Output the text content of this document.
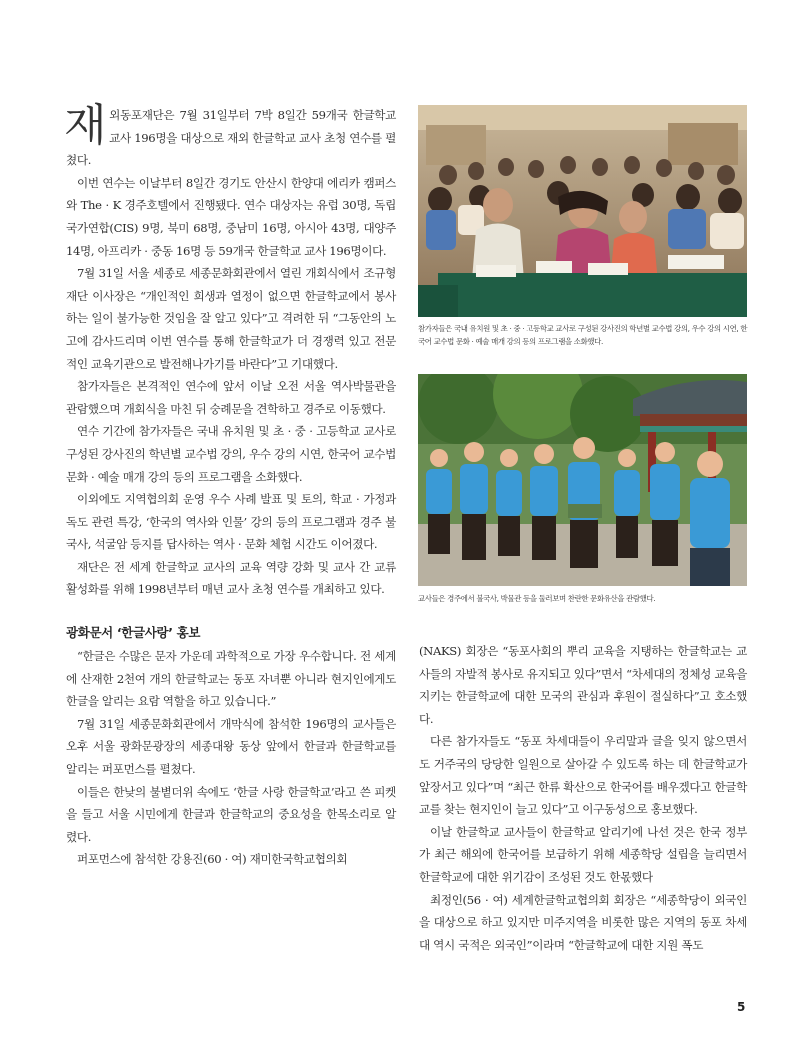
재외동포재단은 7월 31일부터 7박 8일간 59개국 한글학교 교사 196명을 대상으로 재외 한글학교 교사 초청 연수를 펼쳤다.

이번 연수는 이날부터 8일간 경기도 안산시 한양대 에리카 캠퍼스와 The · K 경주호텔에서 진행됐다. 연수 대상자는 유럽 30명, 독립국가연합(CIS) 9명, 북미 68명, 중남미 16명, 아시아 43명, 대양주 14명, 아프리카 · 중동 16명 등 59개국 한글학교 교사 196명이다.

7월 31일 서울 세종로 세종문화회관에서 열린 개회식에서 조규형 재단 이사장은 “개인적인 희생과 열정이 없으면 한글학교에서 봉사하는 일이 불가능한 것임을 잘 알고 있다”고 격려한 뒤 “그동안의 노고에 감사드리며 이번 연수를 통해 한글학교가 더 경쟁력 있고 전문적인 교육기관으로 발전해나가기를 바란다”고 기대했다.

참가자들은 본격적인 연수에 앞서 이날 오전 서울 역사박물관을 관람했으며 개회식을 마친 뒤 숭례문을 견학하고 경주로 이동했다.

연수 기간에 참가자들은 국내 유치원 및 초 · 중 · 고등학교 교사로 구성된 강사진의 학년별 교수법 강의, 우수 강의 시연, 한국어 교수법 문화 · 예술 매개 강의 등의 프로그램을 소화했다.

이외에도 지역협의회 운영 우수 사례 발표 및 토의, 학교 · 가정과 독도 관련 특강, ‘한국의 역사와 인물’ 강의 등의 프로그램과 경주 불국사, 석굴암 등지를 답사하는 역사 · 문화 체험 시간도 이어졌다.

재단은 전 세계 한글학교 교사의 교육 역량 강화 및 교사 간 교류 활성화를 위해 1998년부터 매년 교사 초청 연수를 개최하고 있다.

광화문서 ‘한글사랑’ 홍보

“한글은 수많은 문자 가운데 과학적으로 가장 우수합니다. 전 세계에 산재한 2천여 개의 한글학교는 동포 자녀뿐 아니라 현지인에게도 한글을 알리는 요람 역할을 하고 있습니다.”

7월 31일 세종문화회관에서 개막식에 참석한 196명의 교사들은 오후 서울 광화문광장의 세종대왕 동상 앞에서 한글과 한글학교를 알리는 퍼포먼스를 펼쳤다.

이들은 한낮의 불볕더위 속에도 ‘한글 사랑 한글학교’라고 쓴 피켓을 들고 서울 시민에게 한글과 한글학교의 중요성을 한목소리로 알렸다.

퍼포먼스에 참석한 강용진(60 · 여) 재미한국학교협의회

참가자들은 국내 유치원 및 초 · 중 · 고등학교 교사로 구성된 강사진의 학년별 교수법 강의, 우수 강의 시연, 한국어 교수법 문화 · 예술 매개 강의 등의 프로그램을 소화했다.
교사들은 경주에서 불국사, 박물관 등을 둘러보며 찬란한 문화유산을 관람했다.

(NAKS) 회장은 “동포사회의 뿌리 교육을 지탱하는 한글학교는 교사들의 자발적 봉사로 유지되고 있다”면서 “차세대의 정체성 교육을 지키는 한글학교에 대한 모국의 관심과 후원이 절실하다”고 호소했다.

다른 참가자들도 “동포 차세대들이 우리말과 글을 잊지 않으면서도 거주국의 당당한 일원으로 살아갈 수 있도록 하는 데 한글학교가 앞장서고 있다”며 “최근 한류 확산으로 한국어를 배우겠다고 한글학교를 찾는 현지인이 늘고 있다”고 이구동성으로 홍보했다.

이날 한글학교 교사들이 한글학교 알리기에 나선 것은 한국 정부가 최근 해외에 한국어를 보급하기 위해 세종학당 설립을 늘리면서 한글학교에 대한 위기감이 조성된 것도 한몫했다

최정인(56 · 여) 세계한글학교협의회 회장은 “세종학당이 외국인을 대상으로 하고 있지만 미주지역을 비롯한 많은 지역의 동포 차세대 역시 국적은 외국인”이라며 “한글학교에 대한 지원 폭도

5
